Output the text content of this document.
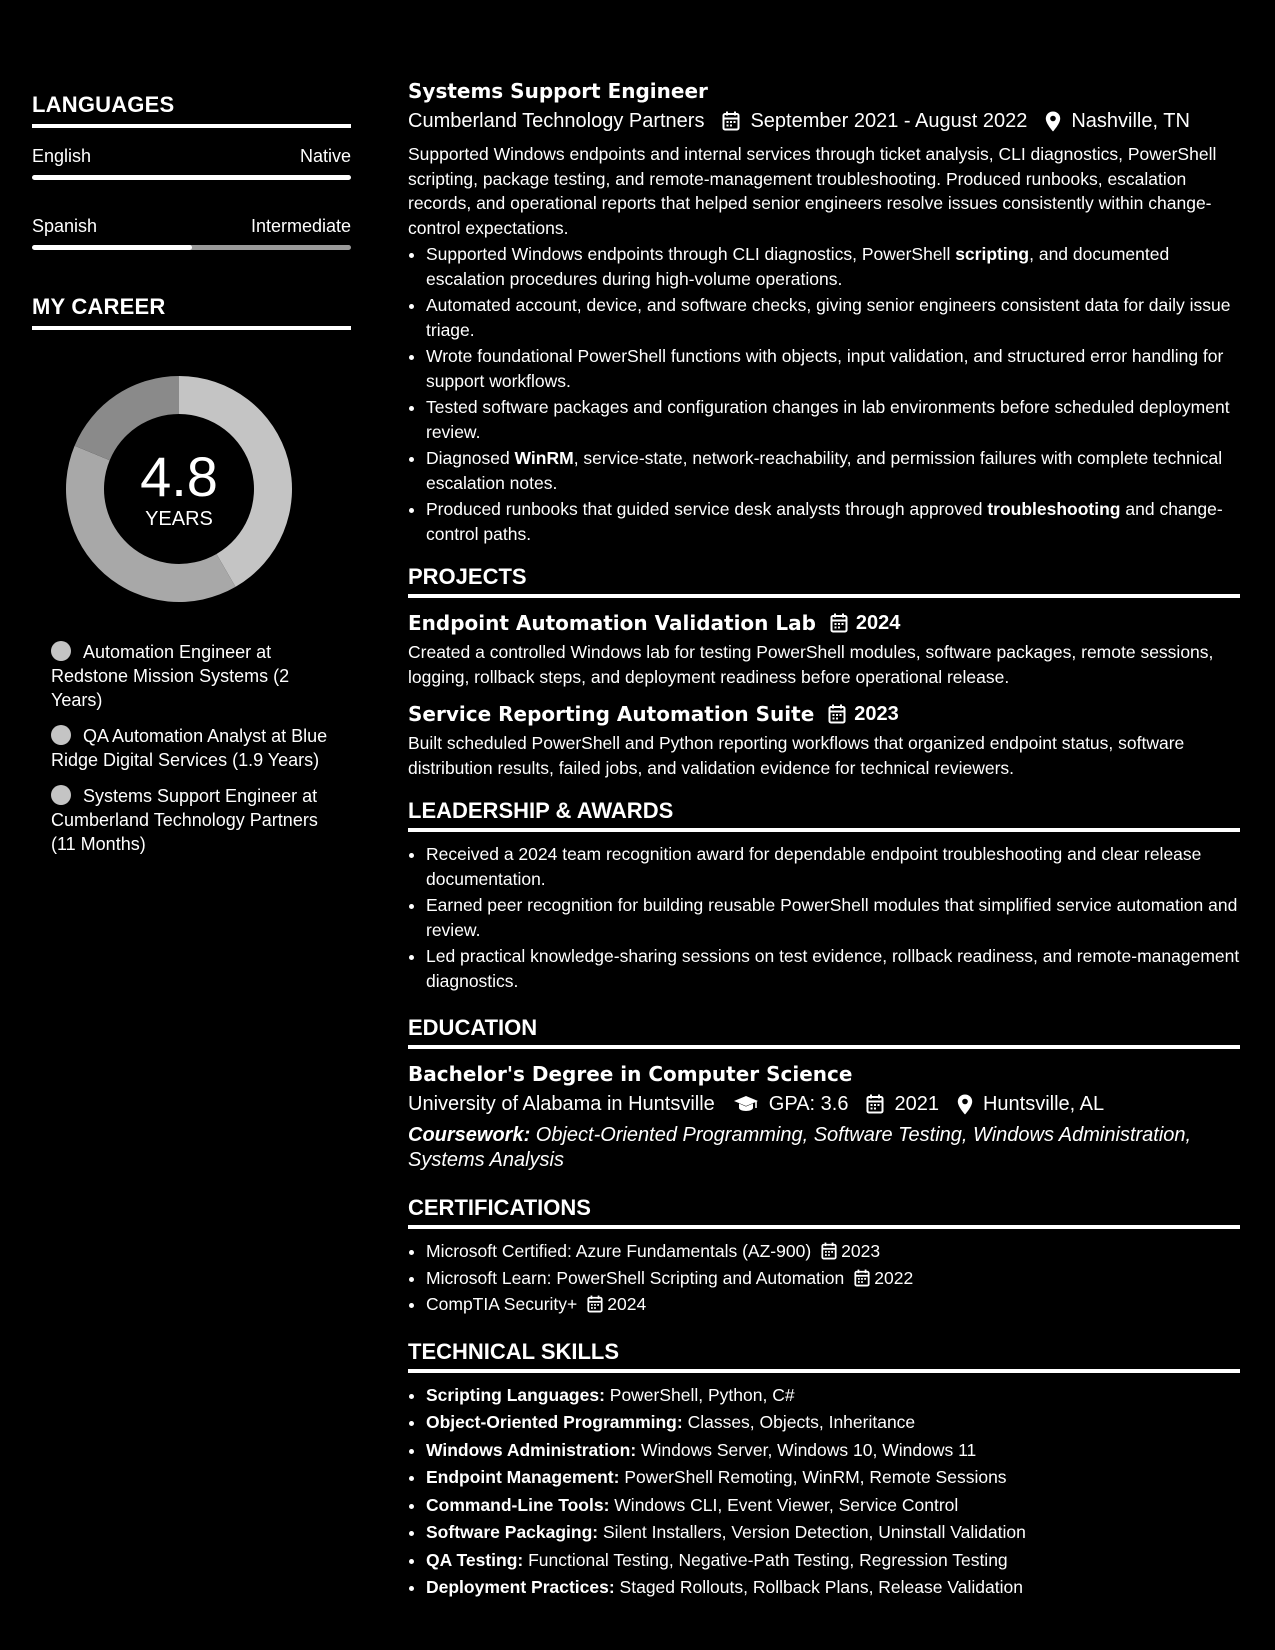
LANGUAGES
English	Native
Spanish	Intermediate
MY CAREER
4.8
YEARS
Automation Engineer at Redstone Mission Systems (2 Years)
QA Automation Analyst at Blue Ridge Digital Services (1.9 Years)
Systems Support Engineer at Cumberland Technology Partners (11 Months)
Systems Support Engineer
Cumberland Technology Partners September 2021 - August 2022 Nashville, TN
Supported Windows endpoints and internal services through ticket analysis, CLI diagnostics, PowerShell scripting, package testing, and remote-management troubleshooting. Produced runbooks, escalation records, and operational reports that helped senior engineers resolve issues consistently within change-control expectations.
• Supported Windows endpoints through CLI diagnostics, PowerShell scripting, and documented escalation procedures during high-volume operations.
• Automated account, device, and software checks, giving senior engineers consistent data for daily issue triage.
• Wrote foundational PowerShell functions with objects, input validation, and structured error handling for support workflows.
• Tested software packages and configuration changes in lab environments before scheduled deployment review.
• Diagnosed WinRM, service-state, network-reachability, and permission failures with complete technical escalation notes.
• Produced runbooks that guided service desk analysts through approved troubleshooting and change-control paths.
PROJECTS
Endpoint Automation Validation Lab 2024
Created a controlled Windows lab for testing PowerShell modules, software packages, remote sessions, logging, rollback steps, and deployment readiness before operational release.
Service Reporting Automation Suite 2023
Built scheduled PowerShell and Python reporting workflows that organized endpoint status, software distribution results, failed jobs, and validation evidence for technical reviewers.
LEADERSHIP & AWARDS
• Received a 2024 team recognition award for dependable endpoint troubleshooting and clear release documentation.
• Earned peer recognition for building reusable PowerShell modules that simplified service automation and review.
• Led practical knowledge-sharing sessions on test evidence, rollback readiness, and remote-management diagnostics.
EDUCATION
Bachelor's Degree in Computer Science
University of Alabama in Huntsville	GPA: 3.6 2021 Huntsville, AL
Coursework: Object-Oriented Programming, Software Testing, Windows Administration, Systems Analysis
CERTIFICATIONS
• Microsoft Certified: Azure Fundamentals (AZ-900) 2023
• Microsoft Learn: PowerShell Scripting and Automation 2022
• CompTIA Security+ 2024
TECHNICAL SKILLS
• Scripting Languages: PowerShell, Python, C#
• Object-Oriented Programming: Classes, Objects, Inheritance
• Windows Administration: Windows Server, Windows 10, Windows 11
• Endpoint Management: PowerShell Remoting, WinRM, Remote Sessions
• Command-Line Tools: Windows CLI, Event Viewer, Service Control
• Software Packaging: Silent Installers, Version Detection, Uninstall Validation
• QA Testing: Functional Testing, Negative-Path Testing, Regression Testing
• Deployment Practices: Staged Rollouts, Rollback Plans, Release Validation
